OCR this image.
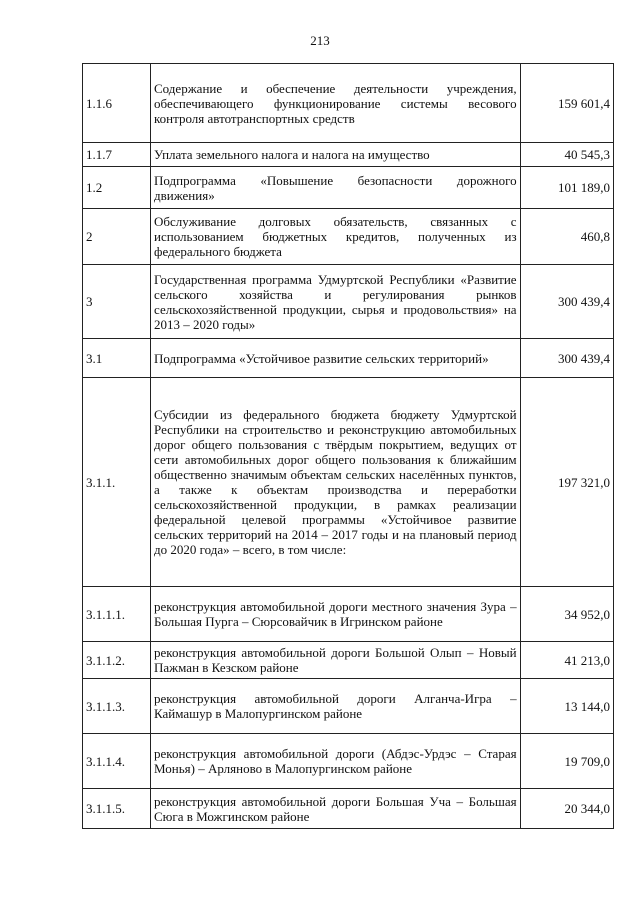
213
1.1.6	Содержание и обеспечение деятельности учреждения, обеспечивающего функционирование системы весового контроля автотранспортных средств	159 601,4
1.1.7	Уплата земельного налога и налога на имущество	40 545,3
1.2	Подпрограмма «Повышение безопасности дорожного движения»	101 189,0
2	Обслуживание долговых обязательств, связанных с использованием бюджетных кредитов, полученных из федерального бюджета	460,8
3	Государственная программа Удмуртской Республики «Развитие сельского хозяйства и регулирования рынков сельскохозяйственной продукции, сырья и продовольствия» на 2013 – 2020 годы»	300 439,4
3.1	Подпрограмма «Устойчивое развитие сельских территорий»	300 439,4
3.1.1.	Субсидии из федерального бюджета бюджету Удмуртской Республики на строительство и реконструкцию автомобильных дорог общего пользования с твёрдым покрытием, ведущих от сети автомобильных дорог общего пользования к ближайшим общественно значимым объектам сельских населённых пунктов, а также к объектам производства и переработки сельскохозяйственной продукции, в рамках реализации федеральной целевой программы «Устойчивое развитие сельских территорий на 2014 – 2017 годы и на плановый период до 2020 года» – всего, в том числе:	197 321,0
3.1.1.1.	реконструкция автомобильной дороги местного значения Зура – Большая Пурга – Сюрсовайчик в Игринском районе	34 952,0
3.1.1.2.	реконструкция автомобильной дороги Большой Олып – Новый Пажман в Кезском районе	41 213,0
3.1.1.3.	реконструкция автомобильной дороги Алганча-Игра – Каймашур в Малопургинском районе	13 144,0
3.1.1.4.	реконструкция автомобильной дороги (Абдэс-Урдэс – Старая Монья) – Арляново в Малопургинском районе	19 709,0
3.1.1.5.	реконструкция автомобильной дороги Большая Уча – Большая Сюга в Можгинском районе	20 344,0
